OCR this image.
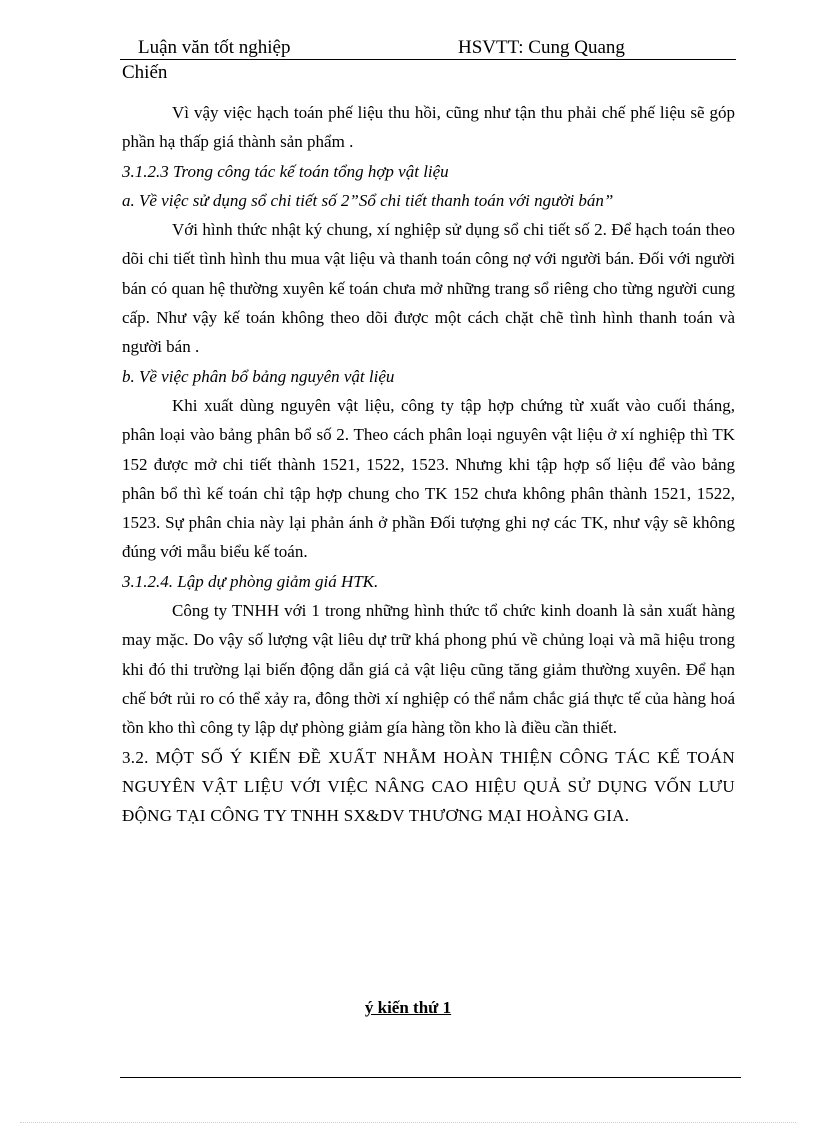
Luận văn tốt nghiệp	HSVTT: Cung Quang
Chiến

Vì vậy việc hạch toán phế liệu thu hồi, cũng như tận thu phải chế phế liệu sẽ góp phần hạ thấp giá thành sản phẩm .

3.1.2.3 Trong công tác kế toán tổng hợp vật liệu

a. Về việc sử dụng sổ chi tiết số 2”Sổ chi tiết thanh toán với người bán”

Với hình thức nhật ký chung, xí nghiệp sử dụng sổ chi tiết số 2. Để hạch toán theo dõi chi tiết tình hình thu mua vật liệu và thanh toán công nợ với người bán. Đối với người bán có quan hệ thường xuyên kế toán chưa mở những trang sổ riêng cho từng người cung cấp. Như vậy kế toán không theo dõi được một cách chặt chẽ tình hình thanh toán và người bán .

b. Về việc phân bổ bảng nguyên vật liệu

Khi xuất dùng nguyên vật liệu, công ty tập hợp chứng từ xuất vào cuối tháng, phân loại vào bảng phân bổ số 2. Theo cách phân loại nguyên vật liệu ở xí nghiệp thì TK 152 được mở chi tiết thành 1521, 1522, 1523. Nhưng khi tập hợp số liệu để vào bảng phân bổ thì kế toán chỉ tập hợp chung cho TK 152 chưa không phân thành 1521, 1522, 1523. Sự phân chia này lại phản ánh ở phần Đối tượng ghi nợ các TK, như vậy sẽ không đúng với mẫu biểu kế toán.

3.1.2.4. Lập dự phòng giảm giá HTK.

Công ty TNHH với 1 trong những hình thức tổ chức kinh doanh là sản xuất hàng may mặc. Do vậy số lượng vật liêu dự trữ khá phong phú về chủng loại và mã hiệu trong khi đó thi trường lại biến động dẫn giá cả vật liệu cũng tăng giảm thường xuyên. Để hạn chế bớt rủi ro có thể xảy ra, đông thời xí nghiệp có thể nắm chắc giá thực tế của hàng hoá tồn kho thì công ty lập dự phòng giảm gía hàng tồn kho là điều cần thiết.

3.2. MỘT SỐ Ý KIẾN ĐỀ XUẤT NHẰM HOÀN THIỆN CÔNG TÁC KẾ TOÁN NGUYÊN VẬT LIỆU VỚI VIỆC NÂNG CAO HIỆU QUẢ SỬ DỤNG VỐN LƯU ĐỘNG TẠI CÔNG TY TNHH SX&DV THƯƠNG MẠI HOÀNG GIA.

ý kiến thứ 1
